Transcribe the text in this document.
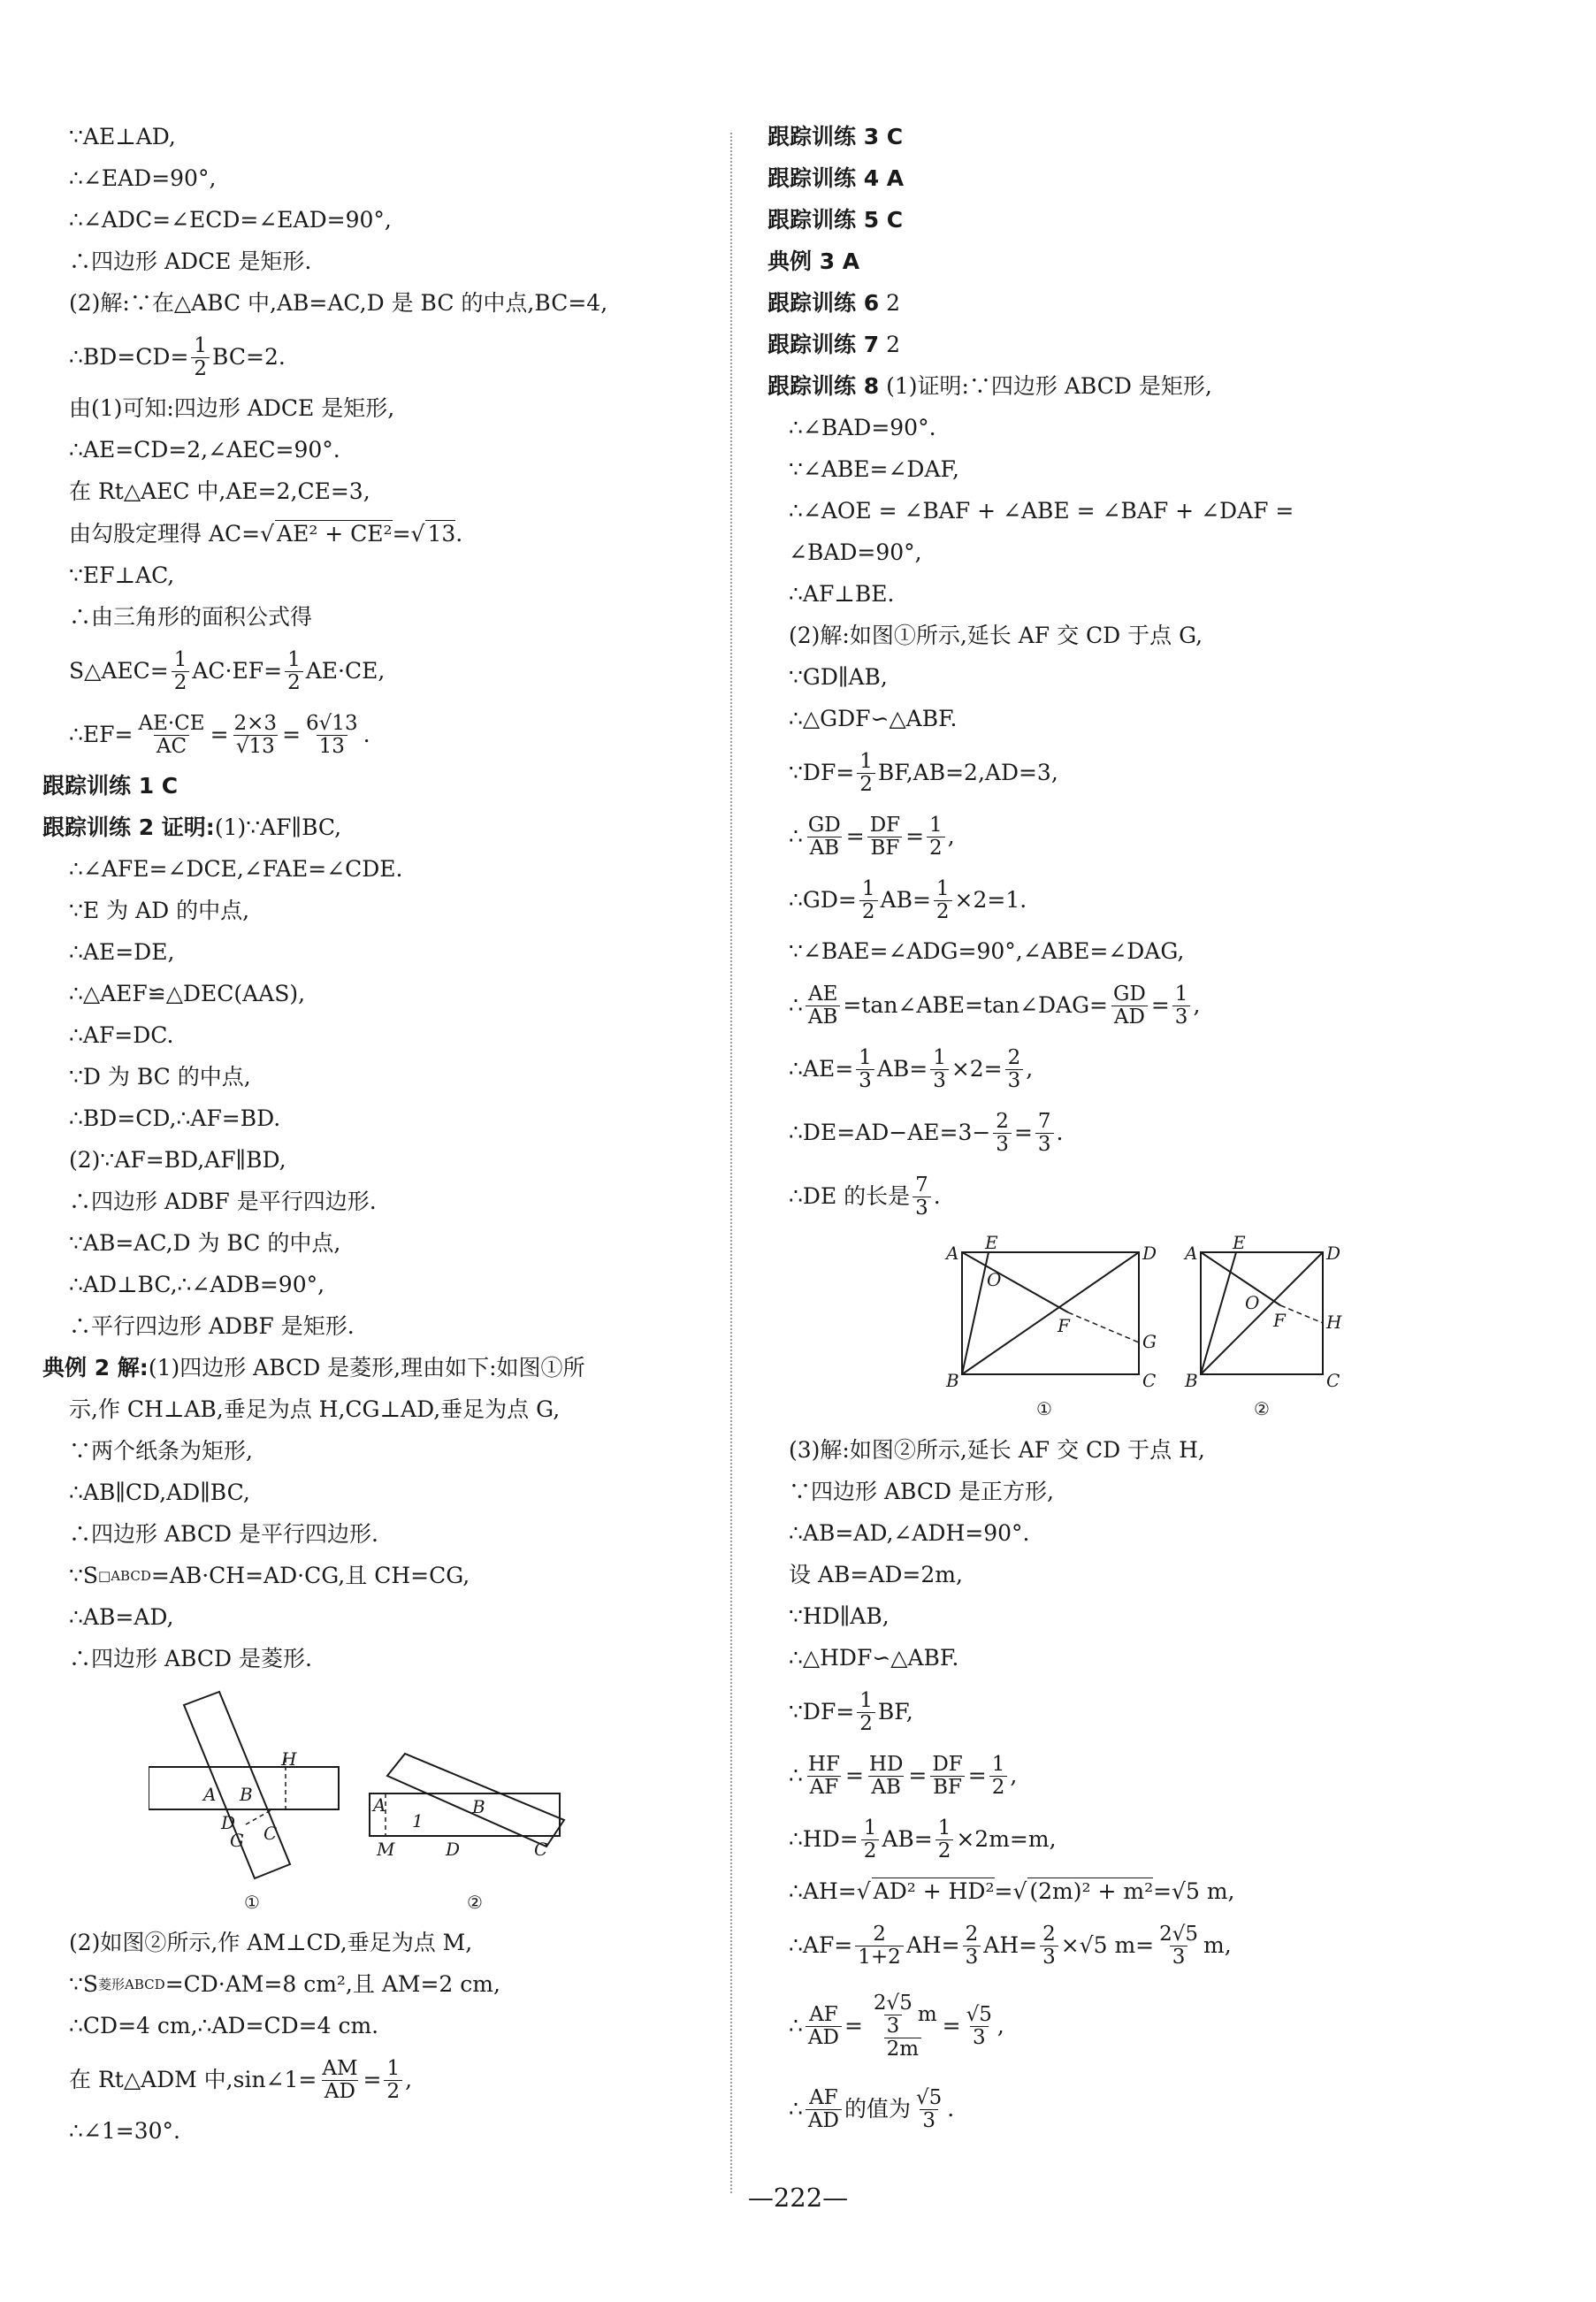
∵AE⊥AD,
∴∠EAD=90°,
∴∠ADC=∠ECD=∠EAD=90°,
∴四边形 ADCE 是矩形.
(2)解:∵在△ABC 中,AB=AC,D 是 BC 的中点,BC=4,
∴BD=CD= $\frac{1}{2} BC=2$.
由(1)可知:四边形 ADCE 是矩形,
∴AE=CD=2,∠AEC=90°.
在 Rt△AEC 中,AE=2,CE=3,
由勾股定理得 AC= √ AE² + CE² = √ 13 .
∵EF⊥AC,
∴由三角形的面积公式得
S△AEC= $\frac{1}{2} AC\cdot EF= \frac{1}{2} AE\cdot CE$,
∴EF= $\frac{AE\cdot CE}{AC} = \frac{2\times 3}{√13} = \frac{6√13}{13}$ .
跟踪训练 1 C
跟踪训练 2 证明: (1)∵AF∥BC,
∴∠AFE=∠DCE,∠FAE=∠CDE.
∵E 为 AD 的中点,
∴AE=DE,
∴△AEF≌△DEC(AAS),
∴AF=DC.
∵D 为 BC 的中点,
∴BD=CD,∴AF=BD.
(2)∵AF=BD,AF∥BD,
∴四边形 ADBF 是平行四边形.
∵AB=AC,D 为 BC 的中点,
∴AD⊥BC,∴∠ADB=90°,
∴平行四边形 ADBF 是矩形.
典例 2 解: (1)四边形 ABCD 是菱形,理由如下:如图①所
示,作 CH⊥AB,垂足为点 H,CG⊥AD,垂足为点 G,
∵两个纸条为矩形,
∴AB∥CD,AD∥BC,
∴四边形 ABCD 是平行四边形.
∵S □ABCD =AB·CH=AD·CG,且 CH=CG,
∴AB=AD,
∴四边形 ABCD 是菱形.
A B
H
D
G C
①
A
1
B
M	D	C
②
(2)如图②所示,作 AM⊥CD,垂足为点 M,
∵S 菱形ABCD =CD·AM=8 cm²,且 AM=2 cm,
∴CD=4 cm,∴AD=CD=4 cm.
在 Rt△ADM 中,sin∠1= $\frac{AM}{AD} = \frac{1}{2}$ ,
∴∠1=30°.
跟踪训练 3 C
跟踪训练 4 A
跟踪训练 5 C
典例 3 A
跟踪训练 6
2
跟踪训练 7
2
跟踪训练 8
(1)证明:∵四边形 ABCD 是矩形,
∴∠BAD=90°.
∵∠ABE=∠DAF,
∴∠AOE = ∠BAF + ∠ABE = ∠BAF + ∠DAF =
∠BAD=90°,
∴AF⊥BE.
(2)解:如图①所示,延长 AF 交 CD 于点 G,
∵GD∥AB,
∴△GDF∽△ABF.
∵DF= $\frac{1}{2} BF,AB=2,AD=3$,
∴ $\frac{GD}{AB} = \frac{DF}{BF} = \frac{1}{2}$ ,
∴GD= $\frac{1}{2} AB= \frac{1}{2} \times 2=1$.
∵∠BAE=∠ADG=90°,∠ABE=∠DAG,
∴ $\frac{AE}{AB}$ =tan∠ABE=tan∠DAG= $\frac{GD}{AD} = \frac{1}{3}$ ,
∴AE= $\frac{1}{3} AB= \frac{1}{3} \times 2= \frac{2}{3}$ ,
∴DE=AD−AE=3− $\frac{2}{3} = \frac{7}{3}$ .
∴DE 的长是 $\frac{7}{3}$ .
A E	D
O
F
G
B	C
①
A E	D
O
F H
B	C
②
(3)解:如图②所示,延长 AF 交 CD 于点 H,
∵四边形 ABCD 是正方形,
∴AB=AD,∠ADH=90°.
设 AB=AD=2m,
∵HD∥AB,
∴△HDF∽△ABF.
∵DF= $\frac{1}{2}$ BF,
∴ $\frac{HF}{AF} = \frac{HD}{AB} = \frac{DF}{BF} = \frac{1}{2}$ ,
∴HD= $\frac{1}{2} AB= \frac{1}{2} \times 2m=m$,
∴AH= √ AD² + HD² = √ (2m)² + m² =√5 m,
∴AF= $\frac{2}{1+2} AH= \frac{2}{3} AH= \frac{2}{3} \times√5$ $m= \frac{2√5}{3} m$,
∴ $\frac{AF}{AD} = \frac{\frac{2√5}{3} m}{2m} = \frac{√5}{3}$ ,
∴ $\frac{AF}{AD}$ 的值为 $\frac{√5}{3}$ .
—222—
